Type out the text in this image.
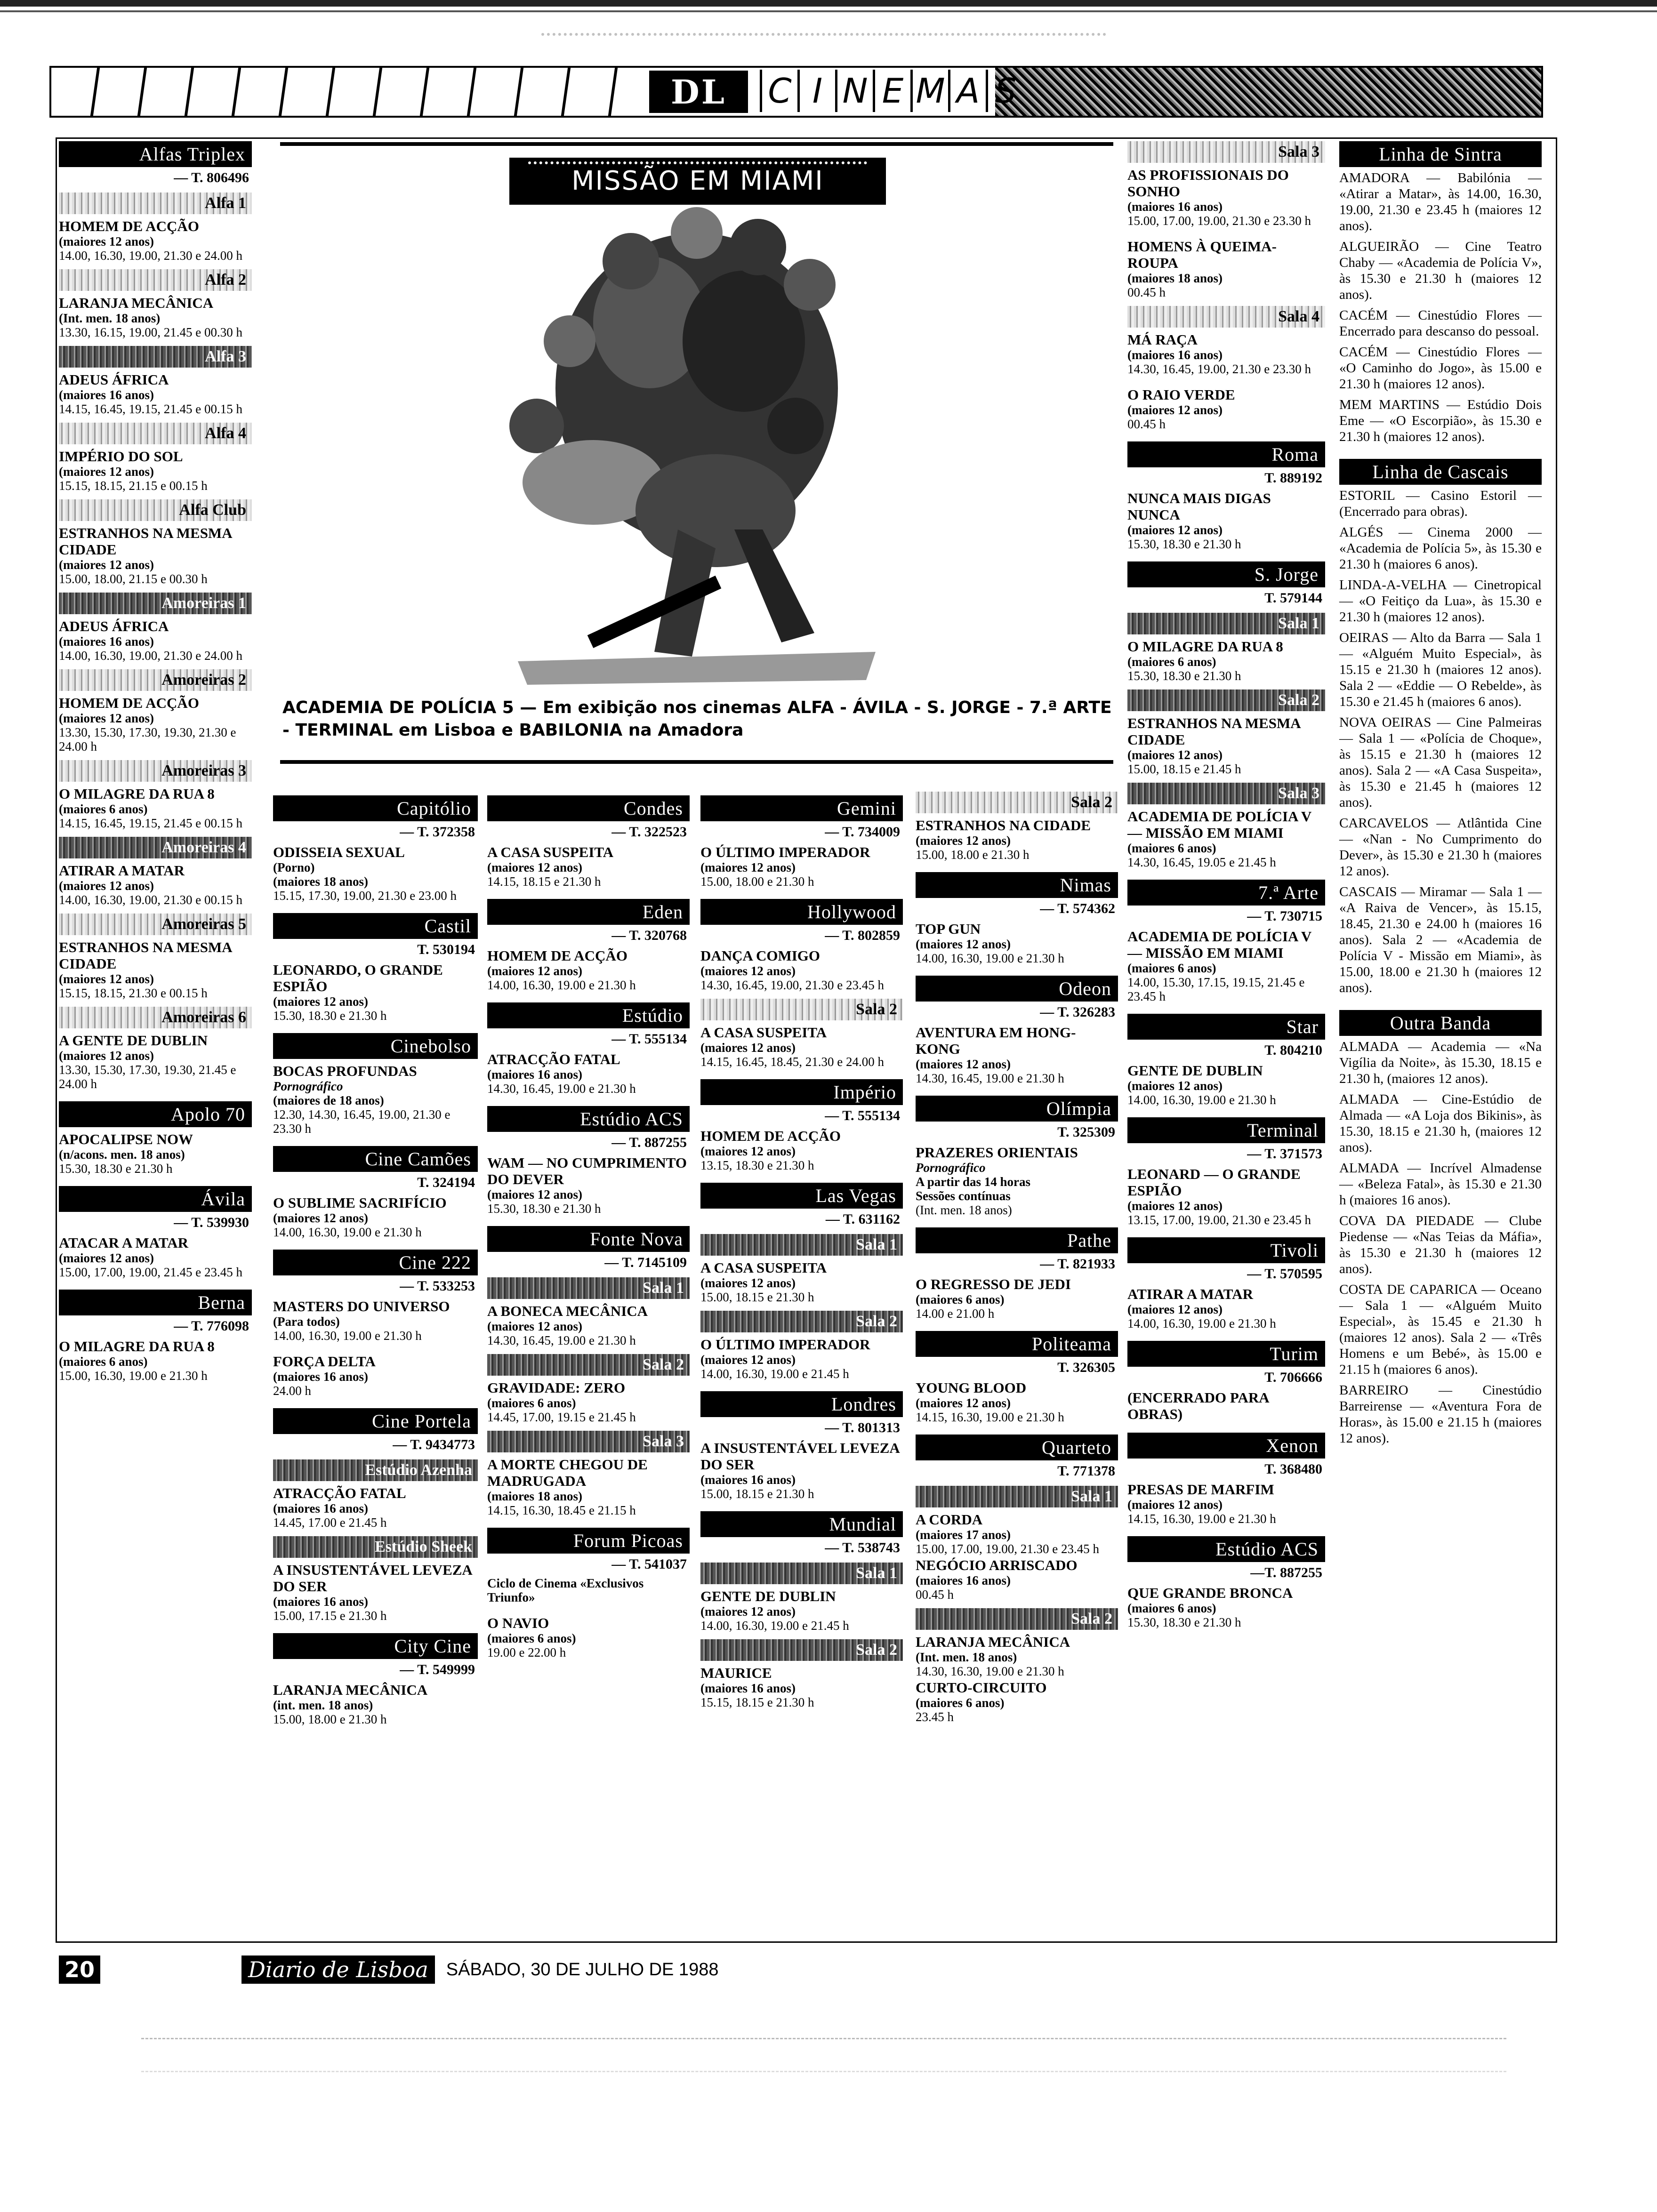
DL	C I N E M A S
MISSÃO EM MIAMI
ACADEMIA DE POLÍCIA 5 — Em exibição nos cinemas ALFA - ÁVILA - S. JORGE - 7.ª ARTE - TERMINAL em Lisboa e BABILONIA na Amadora
Alfas Triplex
— T. 806496
Alfa 1
HOMEM DE ACÇÃO
(maiores 12 anos)
14.00, 16.30, 19.00, 21.30 e 24.00 h
Alfa 2
LARANJA MECÂNICA
(Int. men. 18 anos)
13.30, 16.15, 19.00, 21.45 e 00.30 h
Alfa 3
ADEUS ÁFRICA
(maiores 16 anos)
14.15, 16.45, 19.15, 21.45 e 00.15 h
Alfa 4
IMPÉRIO DO SOL
(maiores 12 anos)
15.15, 18.15, 21.15 e 00.15 h
Alfa Club
ESTRANHOS NA MESMA CIDADE
(maiores 12 anos)
15.00, 18.00, 21.15 e 00.30 h
Amoreiras 1
ADEUS ÁFRICA
(maiores 16 anos)
14.00, 16.30, 19.00, 21.30 e 24.00 h
Amoreiras 2
HOMEM DE ACÇÃO
(maiores 12 anos)
13.30, 15.30, 17.30, 19.30, 21.30 e 24.00 h
Amoreiras 3
O MILAGRE DA RUA 8
(maiores 6 anos)
14.15, 16.45, 19.15, 21.45 e 00.15 h
Amoreiras 4
ATIRAR A MATAR
(maiores 12 anos)
14.00, 16.30, 19.00, 21.30 e 00.15 h
Amoreiras 5
ESTRANHOS NA MESMA CIDADE
(maiores 12 anos)
15.15, 18.15, 21.30 e 00.15 h
Amoreiras 6
A GENTE DE DUBLIN
(maiores 12 anos)
13.30, 15.30, 17.30, 19.30, 21.45 e 24.00 h
Apolo 70
APOCALIPSE NOW
(n/acons. men. 18 anos)
15.30, 18.30 e 21.30 h
Ávila
— T. 539930
ATACAR A MATAR
(maiores 12 anos)
15.00, 17.00, 19.00, 21.45 e 23.45 h
Berna
— T. 776098
O MILAGRE DA RUA 8
(maiores 6 anos)
15.00, 16.30, 19.00 e 21.30 h
Capitólio
— T. 372358
ODISSEIA SEXUAL
(Porno)
(maiores 18 anos)
15.15, 17.30, 19.00, 21.30 e 23.00 h
Castil
T. 530194
LEONARDO, O GRANDE ESPIÃO
(maiores 12 anos)
15.30, 18.30 e 21.30 h
Cinebolso
BOCAS PROFUNDAS
Pornográfico
(maiores de 18 anos)
12.30, 14.30, 16.45, 19.00, 21.30 e 23.30 h
Cine Camões
T. 324194
O SUBLIME SACRIFÍCIO
(maiores 12 anos)
14.00, 16.30, 19.00 e 21.30 h
Cine 222
— T. 533253
MASTERS DO UNIVERSO
(Para todos)
14.00, 16.30, 19.00 e 21.30 h
FORÇA DELTA
(maiores 16 anos)
24.00 h
Cine Portela
— T. 9434773
Estúdio Azenha
ATRACÇÃO FATAL
(maiores 16 anos)
14.45, 17.00 e 21.45 h
Estúdio Sheek
A INSUSTENTÁVEL LEVEZA DO SER
(maiores 16 anos)
15.00, 17.15 e 21.30 h
City Cine
— T. 549999
LARANJA MECÂNICA
(int. men. 18 anos)
15.00, 18.00 e 21.30 h
Condes
— T. 322523
A CASA SUSPEITA
(maiores 12 anos)
14.15, 18.15 e 21.30 h
Eden
— T. 320768
HOMEM DE ACÇÃO
(maiores 12 anos)
14.00, 16.30, 19.00 e 21.30 h
Estúdio
— T. 555134
ATRACÇÃO FATAL
(maiores 16 anos)
14.30, 16.45, 19.00 e 21.30 h
Estúdio ACS
— T. 887255
WAM — NO CUMPRIMENTO DO DEVER
(maiores 12 anos)
15.30, 18.30 e 21.30 h
Fonte Nova
— T. 7145109
Sala 1
A BONECA MECÂNICA
(maiores 12 anos)
14.30, 16.45, 19.00 e 21.30 h
Sala 2
GRAVIDADE: ZERO
(maiores 6 anos)
14.45, 17.00, 19.15 e 21.45 h
Sala 3
A MORTE CHEGOU DE MADRUGADA
(maiores 18 anos)
14.15, 16.30, 18.45 e 21.15 h
Forum Picoas
— T. 541037
Ciclo de Cinema «Exclusivos Triunfo»
O NAVIO
(maiores 6 anos)
19.00 e 22.00 h
Gemini
— T. 734009
O ÚLTIMO IMPERADOR
(maiores 12 anos)
15.00, 18.00 e 21.30 h
Hollywood
— T. 802859
DANÇA COMIGO
(maiores 12 anos)
14.30, 16.45, 19.00, 21.30 e 23.45 h
Sala 2
A CASA SUSPEITA
(maiores 12 anos)
14.15, 16.45, 18.45, 21.30 e 24.00 h
Império
— T. 555134
HOMEM DE ACÇÃO
(maiores 12 anos)
13.15, 18.30 e 21.30 h
Las Vegas
— T. 631162
Sala 1
A CASA SUSPEITA
(maiores 12 anos)
15.00, 18.15 e 21.30 h
Sala 2
O ÚLTIMO IMPERADOR
(maiores 12 anos)
14.00, 16.30, 19.00 e 21.45 h
Londres
— T. 801313
A INSUSTENTÁVEL LEVEZA DO SER
(maiores 16 anos)
15.00, 18.15 e 21.30 h
Mundial
— T. 538743
Sala 1
GENTE DE DUBLIN
(maiores 12 anos)
14.00, 16.30, 19.00 e 21.45 h
Sala 2
MAURICE
(maiores 16 anos)
15.15, 18.15 e 21.30 h
Sala 2
ESTRANHOS NA CIDADE
(maiores 12 anos)
15.00, 18.00 e 21.30 h
Nimas
— T. 574362
TOP GUN
(maiores 12 anos)
14.00, 16.30, 19.00 e 21.30 h
Odeon
— T. 326283
AVENTURA EM HONG-KONG
(maiores 12 anos)
14.30, 16.45, 19.00 e 21.30 h
Olímpia
T. 325309
PRAZERES ORIENTAIS
Pornográfico
A partir das 14 horas
Sessões contínuas
(Int. men. 18 anos)
Pathe
— T. 821933
O REGRESSO DE JEDI
(maiores 6 anos)
14.00 e 21.00 h
Politeama
T. 326305
YOUNG BLOOD
(maiores 12 anos)
14.15, 16.30, 19.00 e 21.30 h
Quarteto
T. 771378
Sala 1
A CORDA
(maiores 17 anos)
15.00, 17.00, 19.00, 21.30 e 23.45 h
NEGÓCIO ARRISCADO
(maiores 16 anos)
00.45 h
Sala 2
LARANJA MECÂNICA
(Int. men. 18 anos)
14.30, 16.30, 19.00 e 21.30 h
CURTO-CIRCUITO
(maiores 6 anos)
23.45 h
Sala 3
AS PROFISSIONAIS DO SONHO
(maiores 16 anos)
15.00, 17.00, 19.00, 21.30 e 23.30 h
HOMENS À QUEIMA-ROUPA
(maiores 18 anos)
00.45 h
Sala 4
MÁ RAÇA
(maiores 16 anos)
14.30, 16.45, 19.00, 21.30 e 23.30 h
O RAIO VERDE
(maiores 12 anos)
00.45 h
Roma
T. 889192
NUNCA MAIS DIGAS NUNCA
(maiores 12 anos)
15.30, 18.30 e 21.30 h
S. Jorge
T. 579144
Sala 1
O MILAGRE DA RUA 8
(maiores 6 anos)
15.30, 18.30 e 21.30 h
Sala 2
ESTRANHOS NA MESMA CIDADE
(maiores 12 anos)
15.00, 18.15 e 21.45 h
Sala 3
ACADEMIA DE POLÍCIA V — MISSÃO EM MIAMI
(maiores 6 anos)
14.30, 16.45, 19.05 e 21.45 h
7.ª Arte
— T. 730715
ACADEMIA DE POLÍCIA V — MISSÃO EM MIAMI
(maiores 6 anos)
14.00, 15.30, 17.15, 19.15, 21.45 e 23.45 h
Star
T. 804210
GENTE DE DUBLIN
(maiores 12 anos)
14.00, 16.30, 19.00 e 21.30 h
Terminal
— T. 371573
LEONARD — O GRANDE ESPIÃO
(maiores 12 anos)
13.15, 17.00, 19.00, 21.30 e 23.45 h
Tivoli
— T. 570595
ATIRAR A MATAR
(maiores 12 anos)
14.00, 16.30, 19.00 e 21.30 h
Turim
T. 706666
(ENCERRADO PARA OBRAS)
Xenon
T. 368480
PRESAS DE MARFIM
(maiores 12 anos)
14.15, 16.30, 19.00 e 21.30 h
Estúdio ACS
—T. 887255
QUE GRANDE BRONCA
(maiores 6 anos)
15.30, 18.30 e 21.30 h
Linha de Sintra
AMADORA — Babilónia — «Atirar a Matar», às 14.00, 16.30, 19.00, 21.30 e 23.45 h (maiores 12 anos).
ALGUEIRÃO — Cine Teatro Chaby — «Academia de Polícia V», às 15.30 e 21.30 h (maiores 12 anos).
CACÉM — Cinestúdio Flores — Encerrado para descanso do pessoal.
CACÉM — Cinestúdio Flores — «O Caminho do Jogo», às 15.00 e 21.30 h (maiores 12 anos).
MEM MARTINS — Estúdio Dois Eme — «O Escorpião», às 15.30 e 21.30 h (maiores 12 anos).
Linha de Cascais
ESTORIL — Casino Estoril — (Encerrado para obras).
ALGÉS — Cinema 2000 — «Academia de Polícia 5», às 15.30 e 21.30 h (maiores 6 anos).
LINDA-A-VELHA — Cinetropical — «O Feitiço da Lua», às 15.30 e 21.30 h (maiores 12 anos).
OEIRAS — Alto da Barra — Sala 1 — «Alguém Muito Especial», às 15.15 e 21.30 h (maiores 12 anos). Sala 2 — «Eddie — O Rebelde», às 15.30 e 21.45 h (maiores 6 anos).
NOVA OEIRAS — Cine Palmeiras — Sala 1 — «Polícia de Choque», às 15.15 e 21.30 h (maiores 12 anos). Sala 2 — «A Casa Suspeita», às 15.30 e 21.45 h (maiores 12 anos).
CARCAVELOS — Atlântida Cine — «Nan - No Cumprimento do Dever», às 15.30 e 21.30 h (maiores 12 anos).
CASCAIS — Miramar — Sala 1 — «A Raiva de Vencer», às 15.15, 18.45, 21.30 e 24.00 h (maiores 16 anos). Sala 2 — «Academia de Polícia V - Missão em Miami», às 15.00, 18.00 e 21.30 h (maiores 12 anos).
Outra Banda
ALMADA — Academia — «Na Vigília da Noite», às 15.30, 18.15 e 21.30 h, (maiores 12 anos).
ALMADA — Cine-Estúdio de Almada — «A Loja dos Bikinis», às 15.30, 18.15 e 21.30 h, (maiores 12 anos).
ALMADA — Incrível Almadense — «Beleza Fatal», às 15.30 e 21.30 h (maiores 16 anos).
COVA DA PIEDADE — Clube Piedense — «Nas Teias da Máfia», às 15.30 e 21.30 h (maiores 12 anos).
COSTA DE CAPARICA — Oceano — Sala 1 — «Alguém Muito Especial», às 15.45 e 21.30 h (maiores 12 anos). Sala 2 — «Três Homens e um Bebé», às 15.00 e 21.15 h (maiores 6 anos).
BARREIRO — Cinestúdio Barreirense — «Aventura Fora de Horas», às 15.00 e 21.15 h (maiores 12 anos).
20	Diario de Lisboa	SÁBADO, 30 DE JULHO DE 1988
